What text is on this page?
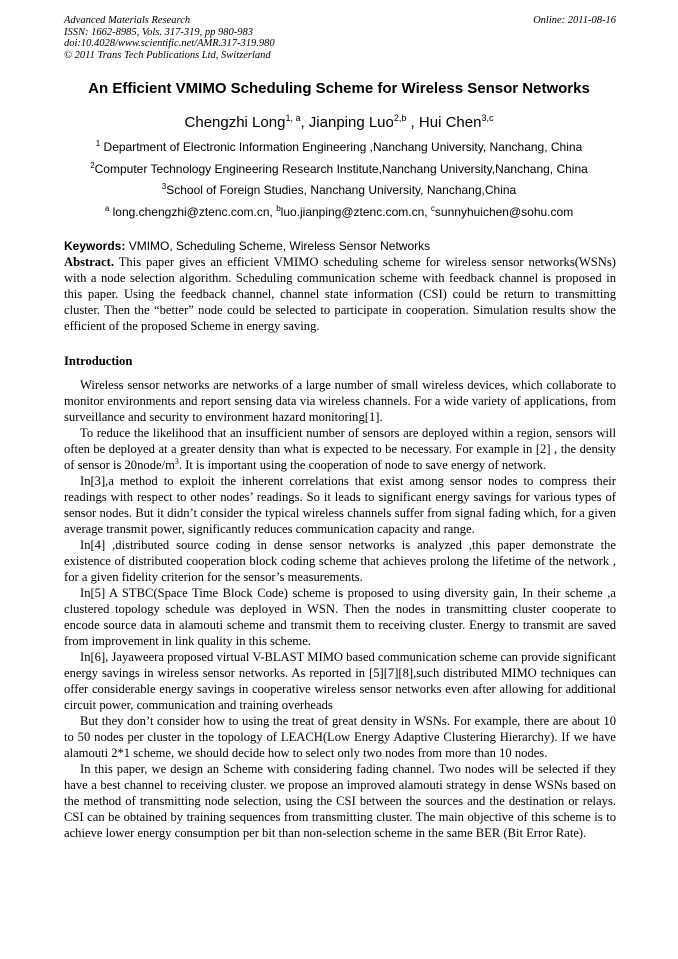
Advanced Materials Research
ISSN: 1662-8985, Vols. 317-319, pp 980-983
doi:10.4028/www.scientific.net/AMR.317-319.980
© 2011 Trans Tech Publications Ltd, Switzerland
Online: 2011-08-16
An Efficient VMIMO Scheduling Scheme for Wireless Sensor Networks
Chengzhi Long$^{1, a}$, Jianping Luo$^{2,b}$ , Hui Chen$^{3,c}$
$^1$ Department of Electronic Information Engineering ,Nanchang University, Nanchang, China
$^2$Computer Technology Engineering Research Institute,Nanchang University,Nanchang, China
$^3$School of Foreign Studies, Nanchang University, Nanchang,China
$^a$ long.chengzhi@ztenc.com.cn, $^b$luo.jianping@ztenc.com.cn, $^c$sunnyhuichen@sohu.com
Keywords: VMIMO, Scheduling Scheme, Wireless Sensor Networks
Abstract. This paper gives an efficient VMIMO scheduling scheme for wireless sensor networks(WSNs) with a node selection algorithm. Scheduling communication scheme with feedback channel is proposed in this paper. Using the feedback channel, channel state information (CSI) could be return to transmitting cluster. Then the “better” node could be selected to participate in cooperation. Simulation results show the efficient of the proposed Scheme in energy saving.
Introduction

Wireless sensor networks are networks of a large number of small wireless devices, which collaborate to monitor environments and report sensing data via wireless channels. For a wide variety of applications, from surveillance and security to environment hazard monitoring[1].

To reduce the likelihood that an insufficient number of sensors are deployed within a region, sensors will often be deployed at a greater density than what is expected to be necessary. For example in [2] , the density of sensor is $20node/m^3$. It is important using the cooperation of node to save energy of network.

In[3],a method to exploit the inherent correlations that exist among sensor nodes to compress their readings with respect to other nodes’ readings. So it leads to significant energy savings for various types of sensor nodes. But it didn’t consider the typical wireless channels suffer from signal fading which, for a given average transmit power, significantly reduces communication capacity and range.

In[4] ,distributed source coding in dense sensor networks is analyzed ,this paper demonstrate the existence of distributed cooperation block coding scheme that achieves prolong the lifetime of the network , for a given fidelity criterion for the sensor’s measurements.

In[5] A STBC(Space Time Block Code) scheme is proposed to using diversity gain, In their scheme ,a clustered topology schedule was deployed in WSN. Then the nodes in transmitting cluster cooperate to encode source data in alamouti scheme and transmit them to receiving cluster. Energy to transmit are saved from improvement in link quality in this scheme.

In[6], Jayaweera proposed virtual V-BLAST MIMO based communication scheme can provide significant energy savings in wireless sensor networks. As reported in [5][7][8],such distributed MIMO techniques can offer considerable energy savings in cooperative wireless sensor networks even after allowing for additional circuit power, communication and training overheads

But they don’t consider how to using the treat of great density in WSNs. For example, there are about 10 to 50 nodes per cluster in the topology of LEACH(Low Energy Adaptive Clustering Hierarchy). If we have alamouti 2*1 scheme, we should decide how to select only two nodes from more than 10 nodes.

In this paper, we design an Scheme with considering fading channel. Two nodes will be selected if they have a best channel to receiving cluster. we propose an improved alamouti strategy in dense WSNs based on the method of transmitting node selection, using the CSI between the sources and the destination or relays. CSI can be obtained by training sequences from transmitting cluster. The main objective of this scheme is to achieve lower energy consumption per bit than non-selection scheme in the same BER (Bit Error Rate).
